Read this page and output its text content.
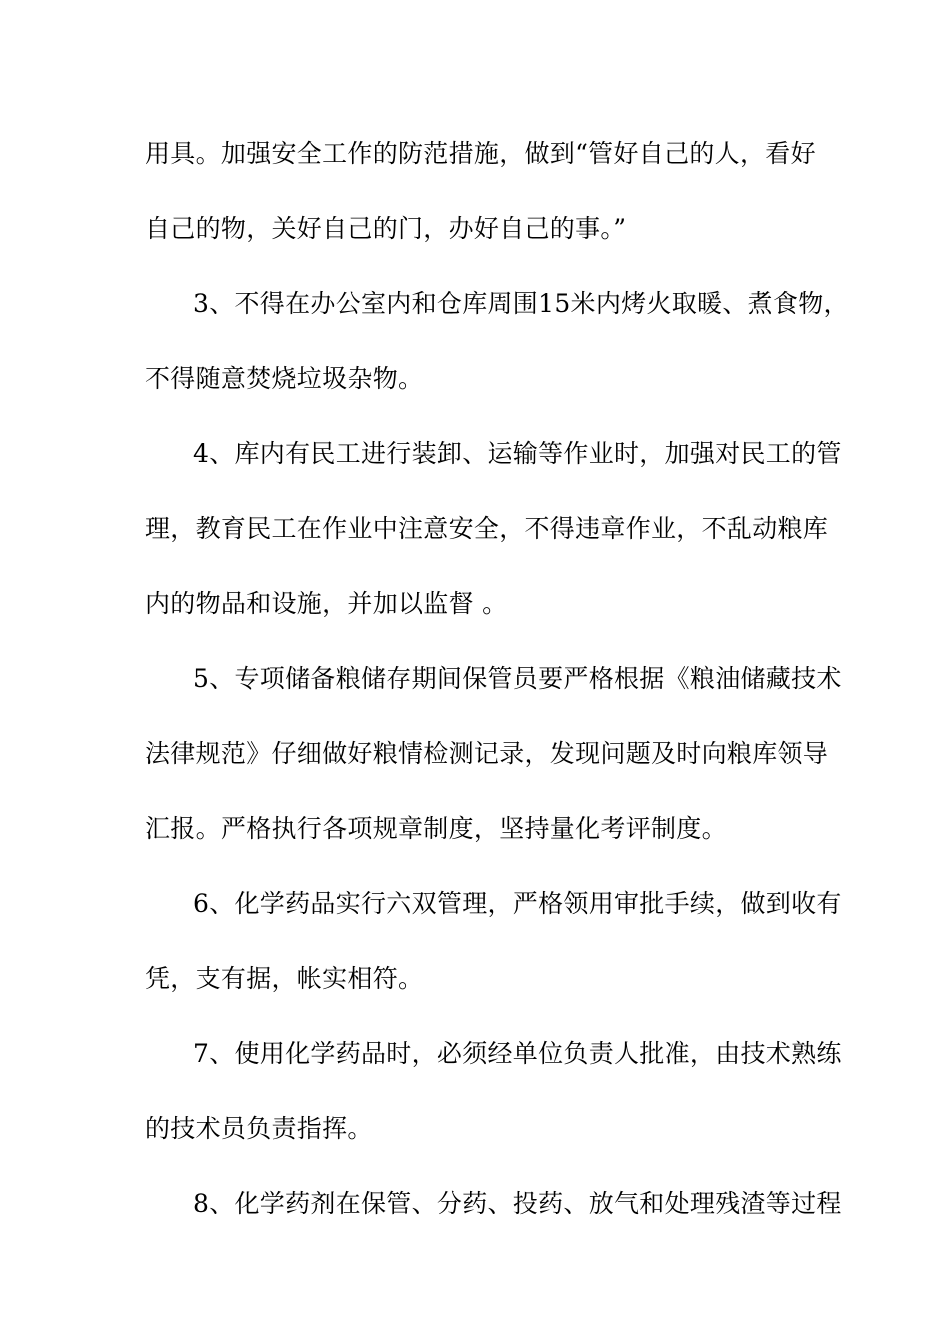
用具。加强安全工作的防范措施，做到“管好自己的人，看好
自己的物，关好自己的门，办好自己的事。”
3、不得在办公室内和仓库周围15米内烤火取暖、煮食物，
不得随意焚烧垃圾杂物。
4、库内有民工进行装卸、运输等作业时，加强对民工的管
理，教育民工在作业中注意安全，不得违章作业，不乱动粮库
内的物品和设施，并加以监督 。
5、专项储备粮储存期间保管员要严格根据《粮油储藏技术
法律规范》仔细做好粮情检测记录，发现问题及时向粮库领导
汇报。严格执行各项规章制度，坚持量化考评制度。
6、化学药品实行六双管理，严格领用审批手续，做到收有
凭，支有据，帐实相符。
7、使用化学药品时，必须经单位负责人批准，由技术熟练
的技术员负责指挥。
8、化学药剂在保管、分药、投药、放气和处理残渣等过程
